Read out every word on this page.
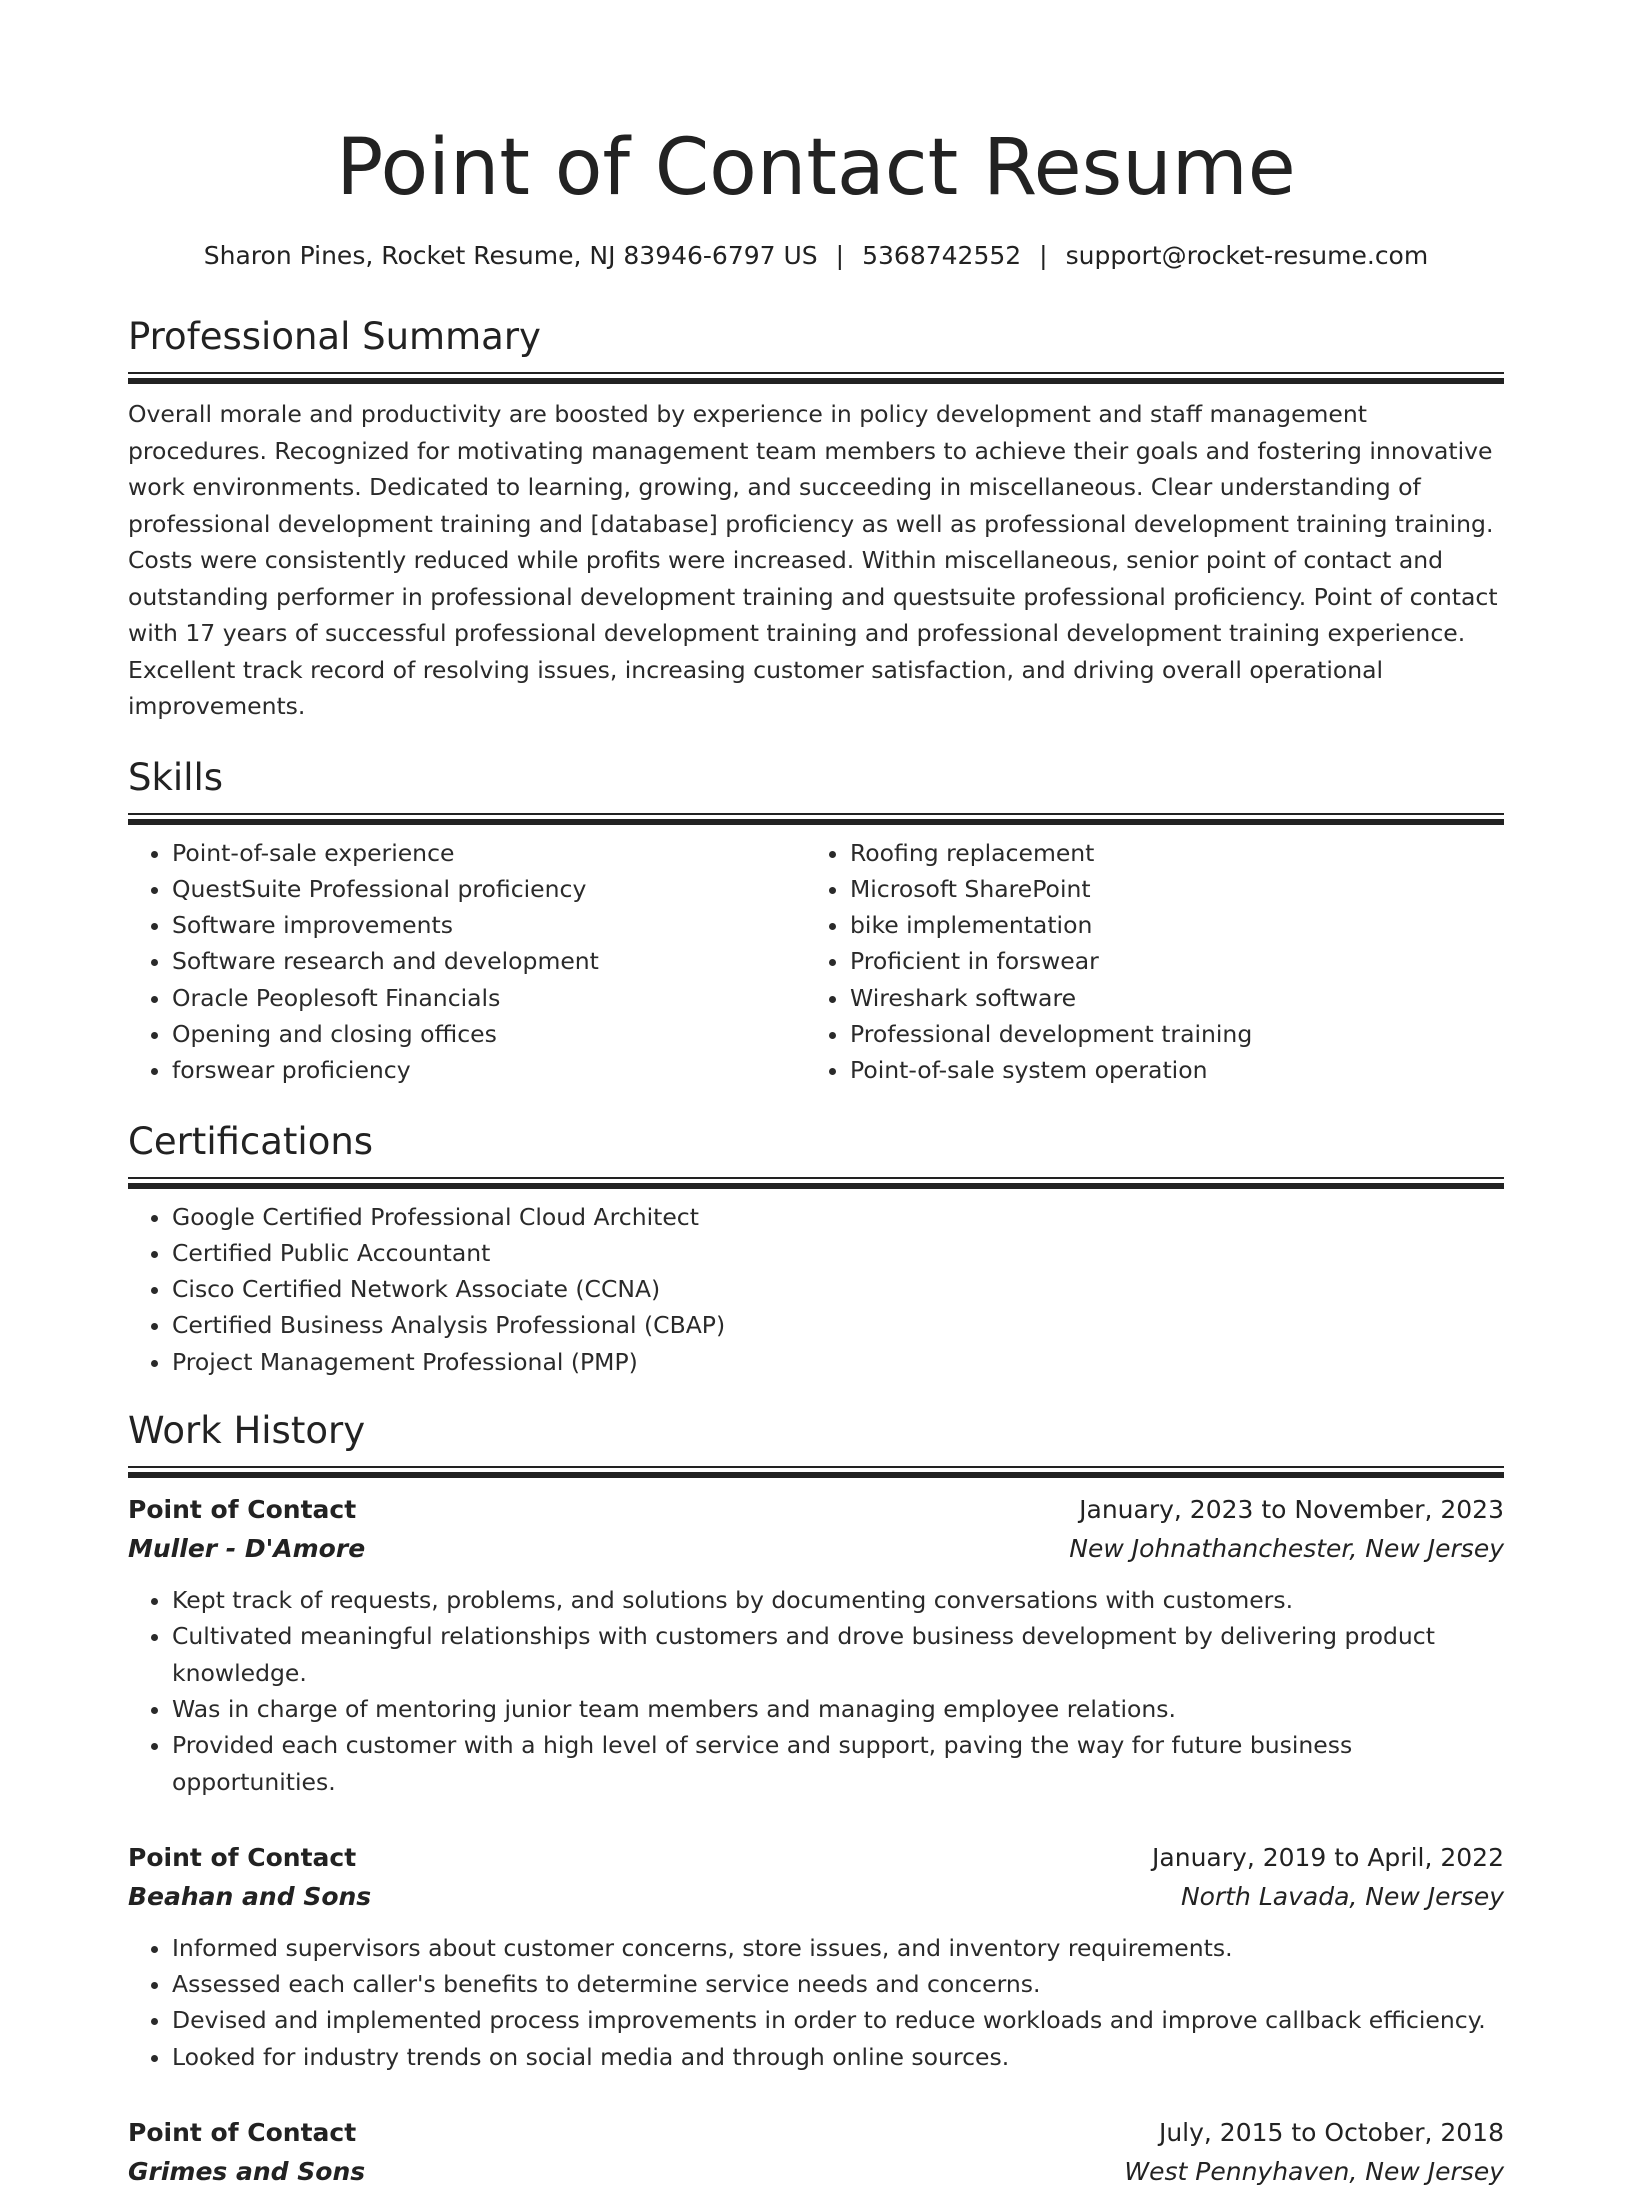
Point of Contact Resume
Sharon Pines, Rocket Resume, NJ 83946-6797 US | 5368742552 | support@rocket-resume.com
Professional Summary

Overall morale and productivity are boosted by experience in policy development and staff management procedures. Recognized for motivating management team members to achieve their goals and fostering innovative work environments. Dedicated to learning, growing, and succeeding in miscellaneous. Clear understanding of professional development training and [database] proficiency as well as professional development training training. Costs were consistently reduced while profits were increased. Within miscellaneous, senior point of contact and outstanding performer in professional development training and questsuite professional proficiency. Point of contact with 17 years of successful professional development training and professional development training experience. Excellent track record of resolving issues, increasing customer satisfaction, and driving overall operational improvements.

Skills
• Point-of-sale experience
• QuestSuite Professional proficiency
• Software improvements
• Software research and development
• Oracle Peoplesoft Financials
• Opening and closing offices
• forswear proficiency
• Roofing replacement
• Microsoft SharePoint
• bike implementation
• Proficient in forswear
• Wireshark software
• Professional development training
• Point-of-sale system operation
Certifications
• Google Certified Professional Cloud Architect
• Certified Public Accountant
• Cisco Certified Network Associate (CCNA)
• Certified Business Analysis Professional (CBAP)
• Project Management Professional (PMP)
Work History
Point of Contact	January, 2023 to November, 2023
Muller - D'Amore	New Johnathanchester, New Jersey
• Kept track of requests, problems, and solutions by documenting conversations with customers.
• Cultivated meaningful relationships with customers and drove business development by delivering product knowledge.
• Was in charge of mentoring junior team members and managing employee relations.
• Provided each customer with a high level of service and support, paving the way for future business opportunities.
Point of Contact	January, 2019 to April, 2022
Beahan and Sons	North Lavada, New Jersey
• Informed supervisors about customer concerns, store issues, and inventory requirements.
• Assessed each caller's benefits to determine service needs and concerns.
• Devised and implemented process improvements in order to reduce workloads and improve callback efficiency.
• Looked for industry trends on social media and through online sources.
Point of Contact	July, 2015 to October, 2018
Grimes and Sons	West Pennyhaven, New Jersey
